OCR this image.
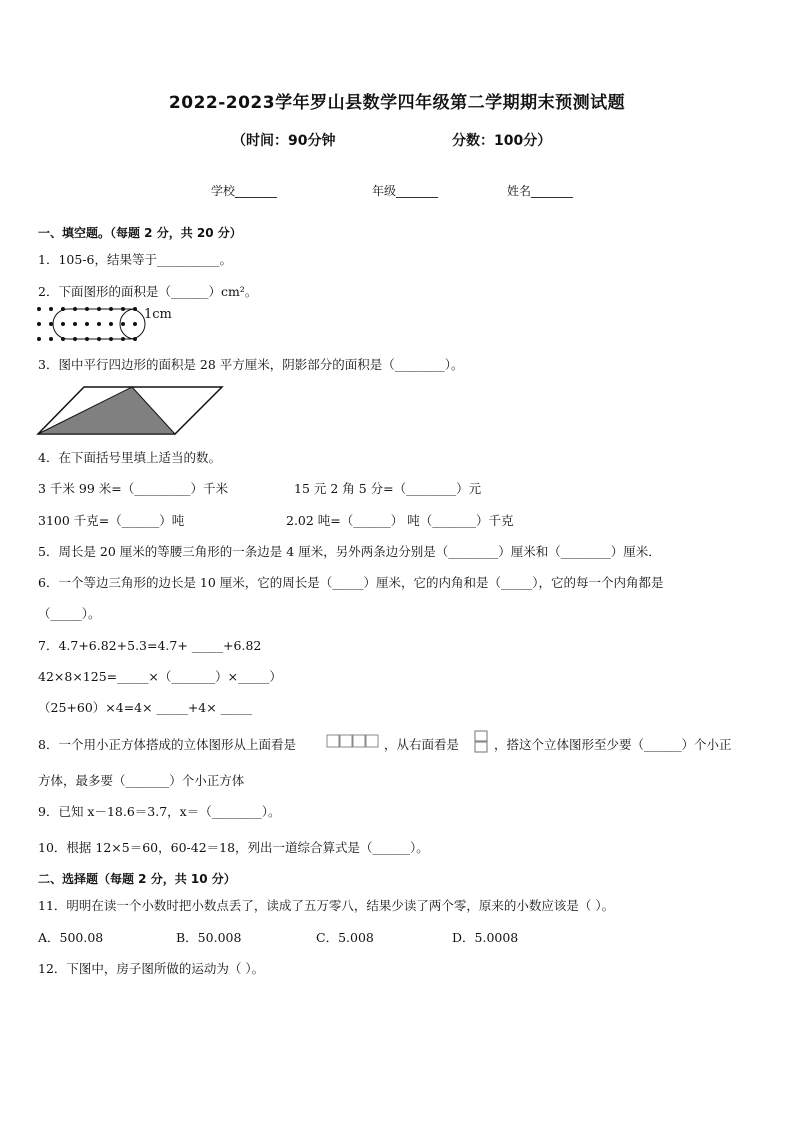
2022-2023学年罗山县数学四年级第二学期期末预测试题
（时间：90分钟	分数：100分）
学校_______	年级_______	姓名_______
一、填空题。（每题 2 分，共 20 分）
1．105-6，结果等于__________。
2．下面图形的面积是（______）cm²。
1cm
3．图中平行四边形的面积是 28 平方厘米，阴影部分的面积是（________）。
4．在下面括号里填上适当的数。
3 千米 99 米=（_________）千米	15 元 2 角 5 分=（________）元
3100 千克=（______）吨	2.02 吨=（______） 吨（_______）千克
5．周长是 20 厘米的等腰三角形的一条边是 4 厘米，另外两条边分别是（________）厘米和（________）厘米．
6．一个等边三角形的边长是 10 厘米，它的周长是（_____）厘米，它的内角和是（_____），它的每一个内角都是
（_____）。
7．4.7+6.82+5.3=4.7+ _____+6.82
42×8×125=_____×（_______）×_____）
（25+60）×4=4× _____+4× _____
8．一个用小正方体搭成的立体图形从上面看是	，从右面看是	，搭这个立体图形至少要（______）个小正
方体，最多要（_______）个小正方体
9．已知 x－18.6＝3.7，x＝（________）。
10．根据 12×5＝60，60-42＝18，列出一道综合算式是（______）。
二、选择题（每题 2 分，共 10 分）
11．明明在读一个小数时把小数点丢了，读成了五万零八，结果少读了两个零，原来的小数应该是（ ）。
A．500.08	B．50.008	C．5.008	D．5.0008
12．下图中，房子图所做的运动为（ ）。
